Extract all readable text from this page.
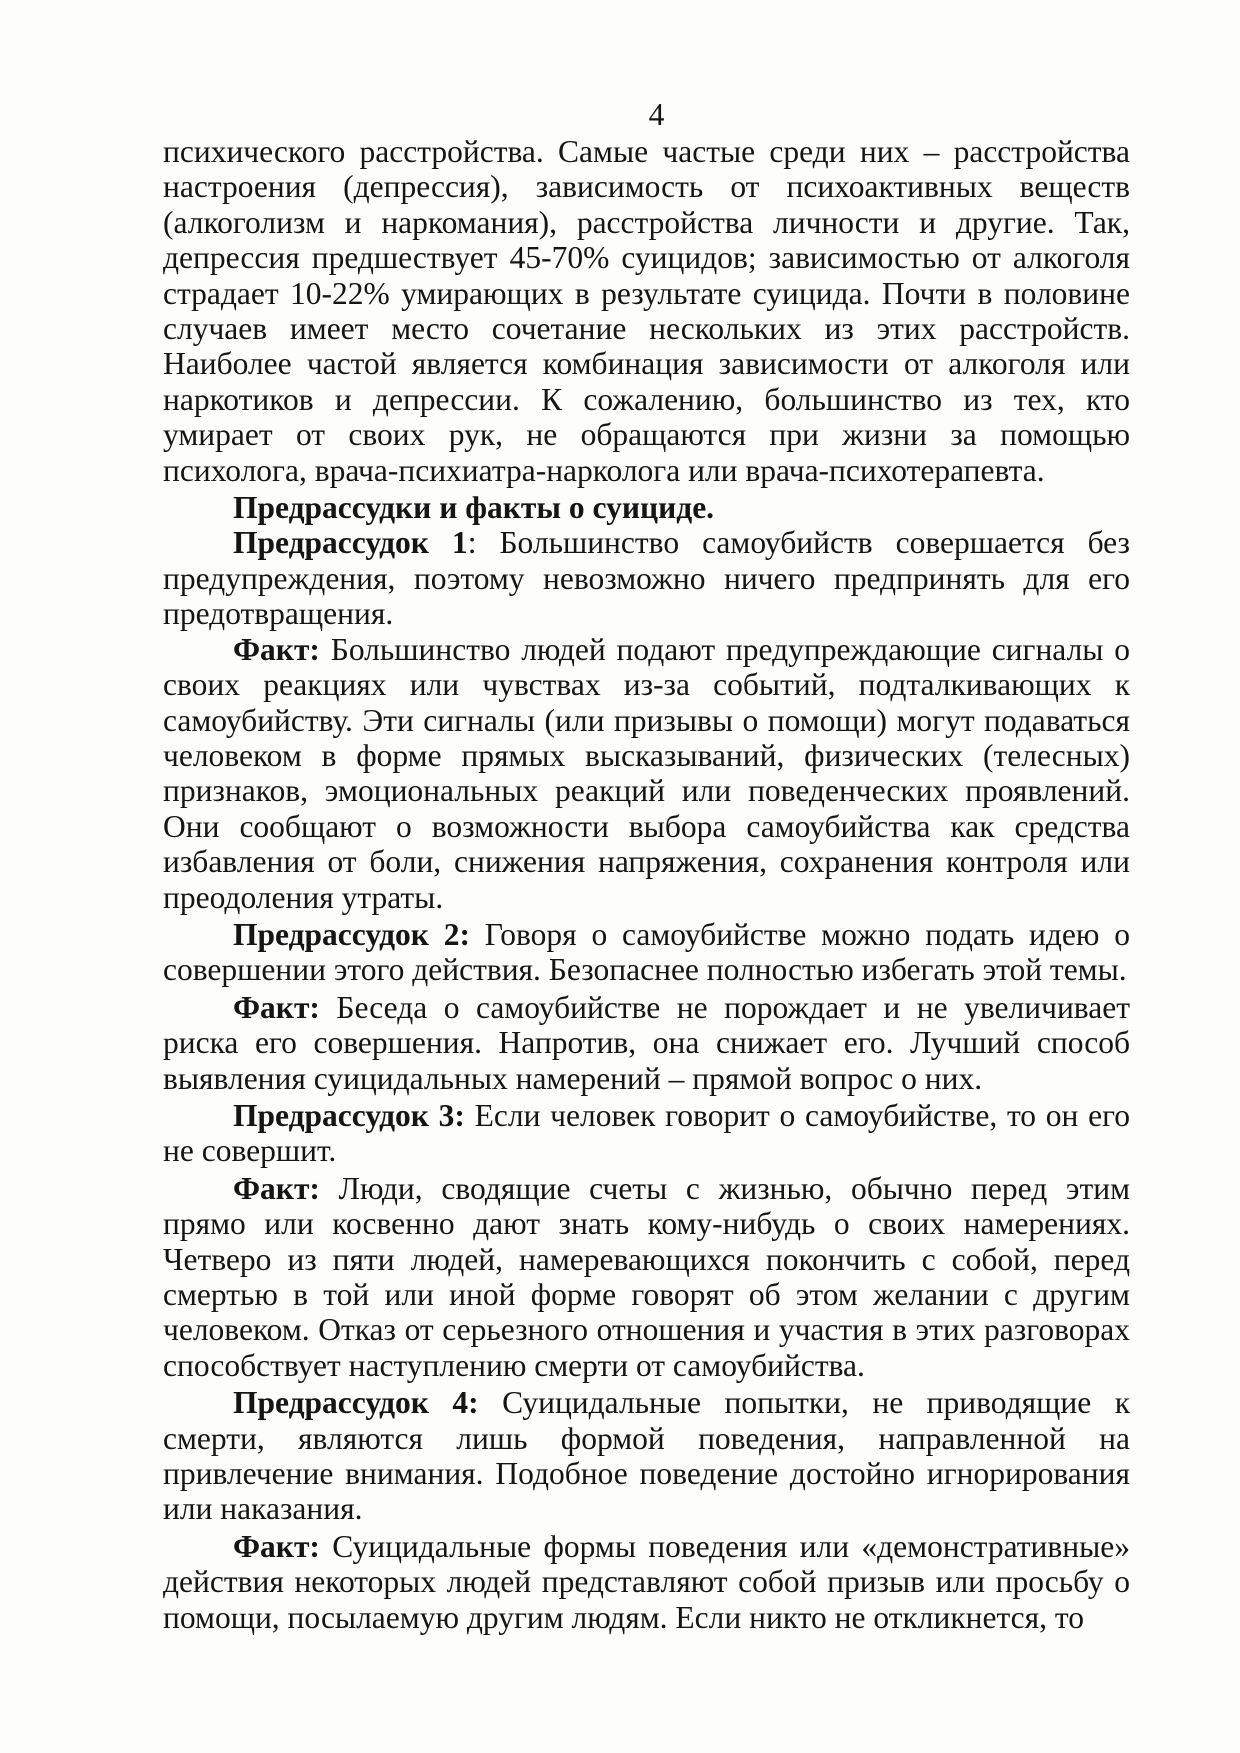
4

психического расстройства. Самые частые среди них – расстройства настроения (депрессия), зависимость от психоактивных веществ (алкоголизм и наркомания), расстройства личности и другие. Так, депрессия предшествует 45-70% суицидов; зависимостью от алкоголя страдает 10-22% умирающих в результате суицида. Почти в половине случаев имеет место сочетание нескольких из этих расстройств. Наиболее частой является комбинация зависимости от алкоголя или наркотиков и депрессии. К сожалению, большинство из тех, кто умирает от своих рук, не обращаются при жизни за помощью психолога, врача-психиатра-нарколога или врача-психотерапевта.

Предрассудки и факты о суициде.

Предрассудок 1: Большинство самоубийств совершается без предупреждения, поэтому невозможно ничего предпринять для его предотвращения.

Факт: Большинство людей подают предупреждающие сигналы о своих реакциях или чувствах из-за событий, подталкивающих к самоубийству. Эти сигналы (или призывы о помощи) могут подаваться человеком в форме прямых высказываний, физических (телесных) признаков, эмоциональных реакций или поведенческих проявлений. Они сообщают о возможности выбора самоубийства как средства избавления от боли, снижения напряжения, сохранения контроля или преодоления утраты.

Предрассудок 2: Говоря о самоубийстве можно подать идею о совершении этого действия. Безопаснее полностью избегать этой темы.

Факт: Беседа о самоубийстве не порождает и не увеличивает риска его совершения. Напротив, она снижает его. Лучший способ выявления суицидальных намерений – прямой вопрос о них.

Предрассудок 3: Если человек говорит о самоубийстве, то он его не совершит.

Факт: Люди, сводящие счеты с жизнью, обычно перед этим прямо или косвенно дают знать кому-нибудь о своих намерениях. Четверо из пяти людей, намеревающихся покончить с собой, перед смертью в той или иной форме говорят об этом желании с другим человеком. Отказ от серьезного отношения и участия в этих разговорах способствует наступлению смерти от самоубийства.

Предрассудок 4: Суицидальные попытки, не приводящие к смерти, являются лишь формой поведения, направленной на привлечение внимания. Подобное поведение достойно игнорирования или наказания.

Факт: Суицидальные формы поведения или «демонстративные» действия некоторых людей представляют собой призыв или просьбу о помощи, посылаемую другим людям. Если никто не откликнется, то
